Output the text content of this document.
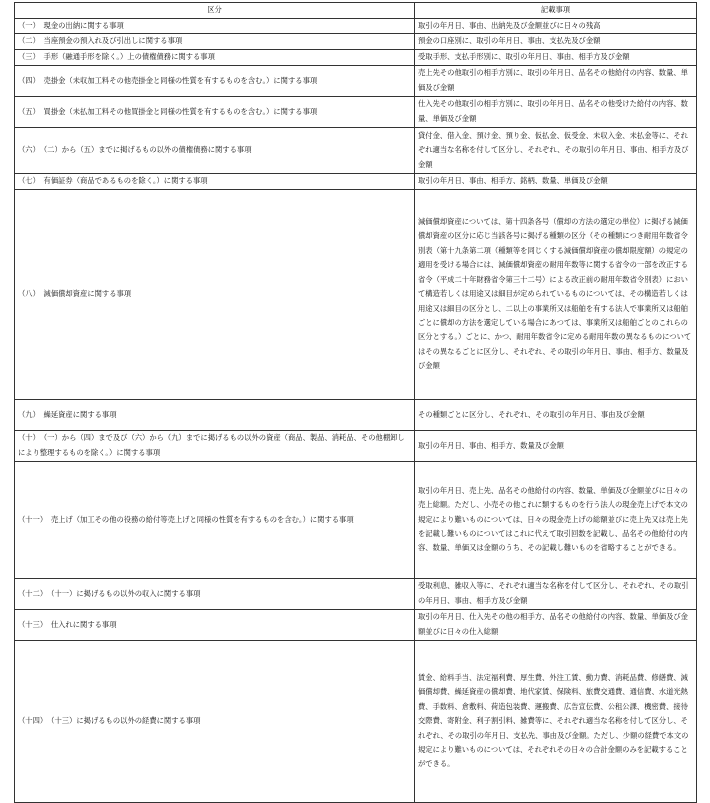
区分	記載事項
（一）　現金の出納に関する事項	取引の年月日、事由、出納先及び金額並びに日々の残高
（二）　当座預金の預入れ及び引出しに関する事項	預金の口座別に、取引の年月日、事由、支払先及び金額
（三）　手形（融通手形を除く。）上の債権債務に関する事項	受取手形、支払手形別に、取引の年月日、事由、相手方及び金額
（四）　売掛金（未収加工料その他売掛金と同様の性質を有するものを含む。）に関する事項	売上先その他取引の相手方別に、取引の年月日、品名その他給付の内容、数量、単価及び金額
（五）　買掛金（未払加工料その他買掛金と同様の性質を有するものを含む。）に関する事項	仕入先その他取引の相手方別に、取引の年月日、品名その他受けた給付の内容、数量、単価及び金額
（六）　（二）から（五）までに掲げるもの以外の債権債務に関する事項	貸付金、借入金、預け金、預り金、仮払金、仮受金、未収入金、未払金等に、それぞれ適当な名称を付して区分し、それぞれ、その取引の年月日、事由、相手方及び金額
（七）　有価証券（商品であるものを除く。）に関する事項	取引の年月日、事由、相手方、銘柄、数量、単価及び金額
（八）　減価償却資産に関する事項	減価償却資産については、第十四条各号（償却の方法の選定の単位）に掲げる減価償却資産の区分に応じ当該各号に掲げる種類の区分（その種類につき耐用年数省令別表（第十九条第二項（種類等を同じくする減価償却資産の償却限度額）の規定の適用を受ける場合には、減価償却資産の耐用年数等に関する省令の一部を改正する省令（平成二十年財務省令第三十二号）による改正前の耐用年数省令別表）において構造若しくは用途又は細目が定められているものについては、その構造若しくは用途又は細目の区分とし、二以上の事業所又は船舶を有する法人で事業所又は船舶ごとに償却の方法を選定している場合にあつては、事業所又は船舶ごとのこれらの区分とする。）ごとに、かつ、耐用年数省令に定める耐用年数の異なるものについてはその異なるごとに区分し、それぞれ、その取引の年月日、事由、相手方、数量及び金額
（九）　繰延資産に関する事項	その種類ごとに区分し、それぞれ、その取引の年月日、事由及び金額
（十）　（一）から（四）まで及び（六）から（九）までに掲げるもの以外の資産（商品、製品、消耗品、その他棚卸しにより整理するものを除く。）に関する事項	取引の年月日、事由、相手方、数量及び金額
（十一）　売上げ（加工その他の役務の給付等売上げと同様の性質を有するものを含む。）に関する事項	取引の年月日、売上先、品名その他給付の内容、数量、単価及び金額並びに日々の売上総額。ただし、小売その他これに類するものを行う法人の現金売上げで本文の規定により難いものについては、日々の現金売上げの総額並びに売上先又は売上先を記載し難いものについてはこれに代えて取引回数を記載し、品名その他給付の内容、数量、単価又は金額のうち、その記載し難いものを省略することができる。
（十二）　（十一）に掲げるもの以外の収入に関する事項	受取利息、雑収入等に、それぞれ適当な名称を付して区分し、それぞれ、その取引の年月日、事由、相手方及び金額
（十三）　仕入れに関する事項	取引の年月日、仕入先その他の相手方、品名その他給付の内容、数量、単価及び金額並びに日々の仕入総額
（十四）　（十三）に掲げるもの以外の経費に関する事項	賃金、給料手当、法定福利費、厚生費、外注工賃、動力費、消耗品費、修繕費、減価償却費、繰延資産の償却費、地代家賃、保険料、旅費交通費、通信費、水道光熱費、手数料、倉敷料、荷造包装費、運搬費、広告宣伝費、公租公課、機密費、接待交際費、寄附金、利子割引料、雑費等に、それぞれ適当な名称を付して区分し、それぞれ、その取引の年月日、支払先、事由及び金額。ただし、少額の経費で本文の規定により難いものについては、それぞれその日々の合計金額のみを記載することができる。
